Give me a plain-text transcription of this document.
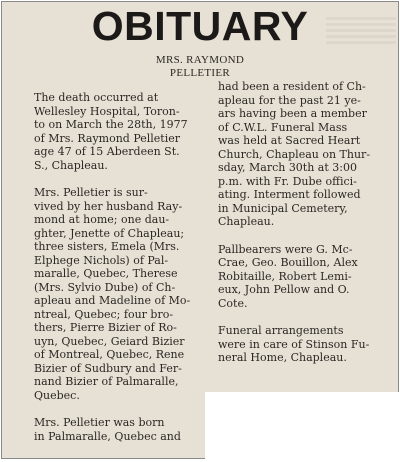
OBITUARY
MRS. RAYMOND
PELLETIER

The death occurred at
Wellesley Hospital, Toron-
to on March the 28th, 1977
of Mrs. Raymond Pelletier
age 47 of 15 Aberdeen St.
S., Chapleau.

Mrs. Pelletier is sur-
vived by her husband Ray-
mond at home; one dau-
ghter, Jenette of Chapleau;
three sisters, Emela (Mrs.
Elphege Nichols) of Pal-
maralle, Quebec, Therese
(Mrs. Sylvio Dube) of Ch-
apleau and Madeline of Mo-
ntreal, Quebec; four bro-
thers, Pierre Bizier of Ro-
uyn, Quebec, Geiard Bizier
of Montreal, Quebec, Rene
Bizier of Sudbury and Fer-
nand Bizier of Palmaralle,
Quebec.

Mrs. Pelletier was born
in Palmaralle, Quebec and

had been a resident of Ch-
apleau for the past 21 ye-
ars having been a member
of C.W.L. Funeral Mass
was held at Sacred Heart
Church, Chapleau on Thur-
sday, March 30th at 3:00
p.m. with Fr. Dube offici-
ating. Interment followed
in Municipal Cemetery,
Chapleau.

Pallbearers were G. Mc-
Crae, Geo. Bouillon, Alex
Robitaille, Robert Lemi-
eux, John Pellow and O.
Cote.

Funeral arrangements
were in care of Stinson Fu-
neral Home, Chapleau.
